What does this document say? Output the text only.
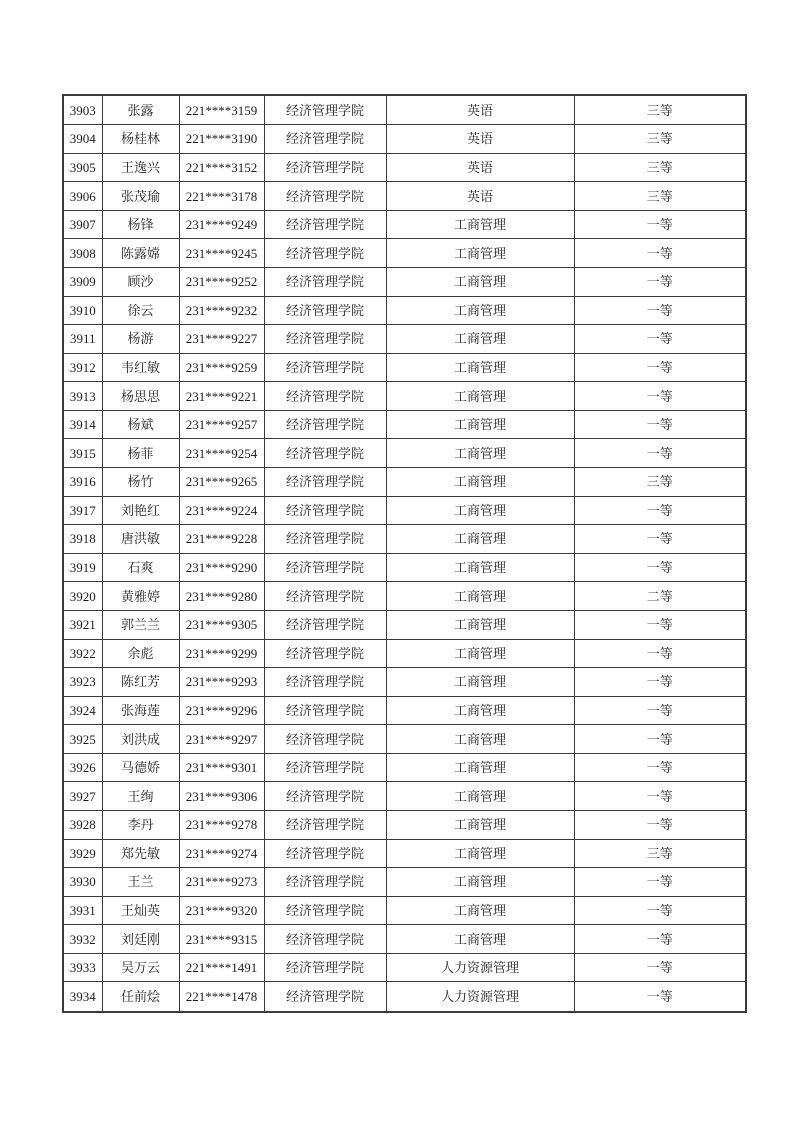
3903	张露	221****3159	经济管理学院	英语	三等
3904	杨桂林	221****3190	经济管理学院	英语	三等
3905	王逸兴	221****3152	经济管理学院	英语	三等
3906	张茂瑜	221****3178	经济管理学院	英语	三等
3907	杨锋	231****9249	经济管理学院	工商管理	一等
3908	陈露嫦	231****9245	经济管理学院	工商管理	一等
3909	顾沙	231****9252	经济管理学院	工商管理	一等
3910	徐云	231****9232	经济管理学院	工商管理	一等
3911	杨游	231****9227	经济管理学院	工商管理	一等
3912	韦红敏	231****9259	经济管理学院	工商管理	一等
3913	杨思思	231****9221	经济管理学院	工商管理	一等
3914	杨斌	231****9257	经济管理学院	工商管理	一等
3915	杨菲	231****9254	经济管理学院	工商管理	一等
3916	杨竹	231****9265	经济管理学院	工商管理	三等
3917	刘艳红	231****9224	经济管理学院	工商管理	一等
3918	唐洪敏	231****9228	经济管理学院	工商管理	一等
3919	石爽	231****9290	经济管理学院	工商管理	一等
3920	黄雅婷	231****9280	经济管理学院	工商管理	二等
3921	郭兰兰	231****9305	经济管理学院	工商管理	一等
3922	余彪	231****9299	经济管理学院	工商管理	一等
3923	陈红芳	231****9293	经济管理学院	工商管理	一等
3924	张海莲	231****9296	经济管理学院	工商管理	一等
3925	刘洪成	231****9297	经济管理学院	工商管理	一等
3926	马德娇	231****9301	经济管理学院	工商管理	一等
3927	王绚	231****9306	经济管理学院	工商管理	一等
3928	李丹	231****9278	经济管理学院	工商管理	一等
3929	郑先敏	231****9274	经济管理学院	工商管理	三等
3930	王兰	231****9273	经济管理学院	工商管理	一等
3931	王灿英	231****9320	经济管理学院	工商管理	一等
3932	刘廷刚	231****9315	经济管理学院	工商管理	一等
3933	吴万云	221****1491	经济管理学院	人力资源管理	一等
3934	任前烩	221****1478	经济管理学院	人力资源管理	一等
